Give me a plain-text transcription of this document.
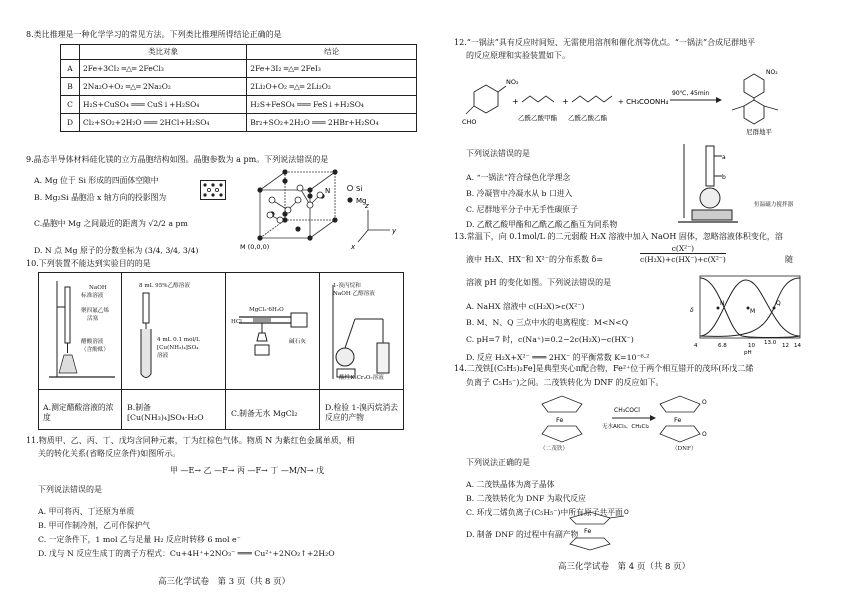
8.类比推理是一种化学学习的常见方法。下列类比推理所得结论正确的是

	类比对象	结论
A	2Fe+3Cl₂ ═△═ 2FeCl₃	2Fe+3I₂ ═△═ 2FeI₃
B	2Na₂O+O₂ ═△═ 2Na₂O₂	2Li₂O+O₂ ═△═ 2Li₂O₂
C	H₂S+CuSO₄ ═══ CuS↓+H₂SO₄	H₂S+FeSO₄ ═══ FeS↓+H₂SO₄
D	Cl₂+SO₂+2H₂O ═══ 2HCl+H₂SO₄	Br₂+SO₂+2H₂O ═══ 2HBr+H₂SO₄

9.晶态半导体材料硅化镁的立方晶胞结构如图。晶胞参数为 a pm。下列说法错误的是

A. Mg 位于 Si 形成的四面体空隙中

B. Mg₂Si 晶胞沿 x 轴方向的投影图为

C.晶胞中 Mg 之间最近的距离为 √2/2 a pm

D. N 点 Mg 原子的分数坐标为 (3/4, 3/4, 3/4)

N
M (0,0,0)
Si
Mg
z
y
x

10.下列装置不能达到实验目的的是

NaOH

标准溶液

聚四氟乙烯

活塞

醋酸溶液

（含酚酞）

8 mL 95%乙醇溶液

4 mL 0.1 mol/L

[Cu(NH₃)₄]SO₄

溶液

MgCl₂·6H₂O

HCl

碱石灰

1-溴丙烷和

NaOH 乙醇溶液

酸性K₂Cr₂O₇溶液

A.测定醋酸溶液的浓度

B.制备 [Cu(NH₃)₄]SO₄·H₂O	C.制备无水 MgCl₂

D.检验 1-溴丙烷消去反应的产物

11.物质甲、乙、丙、丁、戊均含同种元素，丁为红棕色气体。物质 N 为紫红色金属单质，相

关的转化关系(省略反应条件)如图所示。

甲 —E→ 乙 —F→ 丙 —F→ 丁 —M/N→ 戊

下列说法错误的是

A. 甲可将丙、丁还原为单质

B. 甲可作制冷剂，乙可作保护气

C. 一定条件下，1 mol 乙与足量 H₂ 反应时转移 6 mol e⁻

D. 戊与 N 反应生成丁的离子方程式：Cu+4H⁺+2NO₃⁻ ═══ Cu²⁺+2NO₂↑+2H₂O

高三化学试卷　第 3 页（共 8 页）

12.“一锅法”具有反应时间短、无需使用溶剂和催化剂等优点。“一锅法”合成尼群地平

的反应原理和实验装置如下。

NO₂
CHO
+
乙酰乙酸甲酯
+
乙酰乙酸乙酯
+ CH₃COONH₄
90℃, 45min
NO₂
尼群地平
a
b

恒温磁力搅拌器

下列说法错误的是

A. “一锅法”符合绿色化学理念

B. 冷凝管中冷凝水从 b 口进入

C. 尼群地平分子中无手性碳原子

D. 乙酰乙酸甲酯和乙酰乙酸乙酯互为同系物

13.常温下，向 0.1mol/L 的二元弱酸 H₂X 溶液中加入 NaOH 固体，忽略溶液体积变化，溶

液中 H₂X、HX⁻和 X²⁻的分布系数 δ=	$\frac{\text{c(X²⁻)}}{\text{c(H₂X)+c(HX⁻)+c(X²⁻)}}$	随

溶液 pH 的变化如图。下列说法错误的是

A. NaHX 溶液中 c(H₂X)>c(X²⁻)

B. M、N、Q 三点中水的电离程度：M<N<Q

C. pH=7 时，c(Na⁺)=0.2−2c(H₂X)−c(HX⁻)

D. 反应 H₂X+X²⁻ ═══ 2HX⁻ 的平衡常数 K=10⁻⁶·²

M
N	Q
δ
4	6.8	10 13.0 12 14
pH

14.二茂铁[(C₅H₅)₂Fe]是典型夹心π配合物，Fe²⁺位于两个相互错开的茂环(环戊二烯

负离子 C₅H₅⁻)之间。二茂铁转化为 DNF 的反应如下。

Fe
CH₃COCl
无水AlCl₃、CH₂Cl₂
Fe
O
O

（二茂铁）	（DNF）

下列说法正确的是

A. 二茂铁晶体为离子晶体

B. 二茂铁转化为 DNF 为取代反应

C. 环戊二烯负离子(C₅H₅⁻)中所有原子共平面

D. 制备 DNF 的过程中有副产物 Fe
O

高三化学试卷　第 4 页（共 8 页）
